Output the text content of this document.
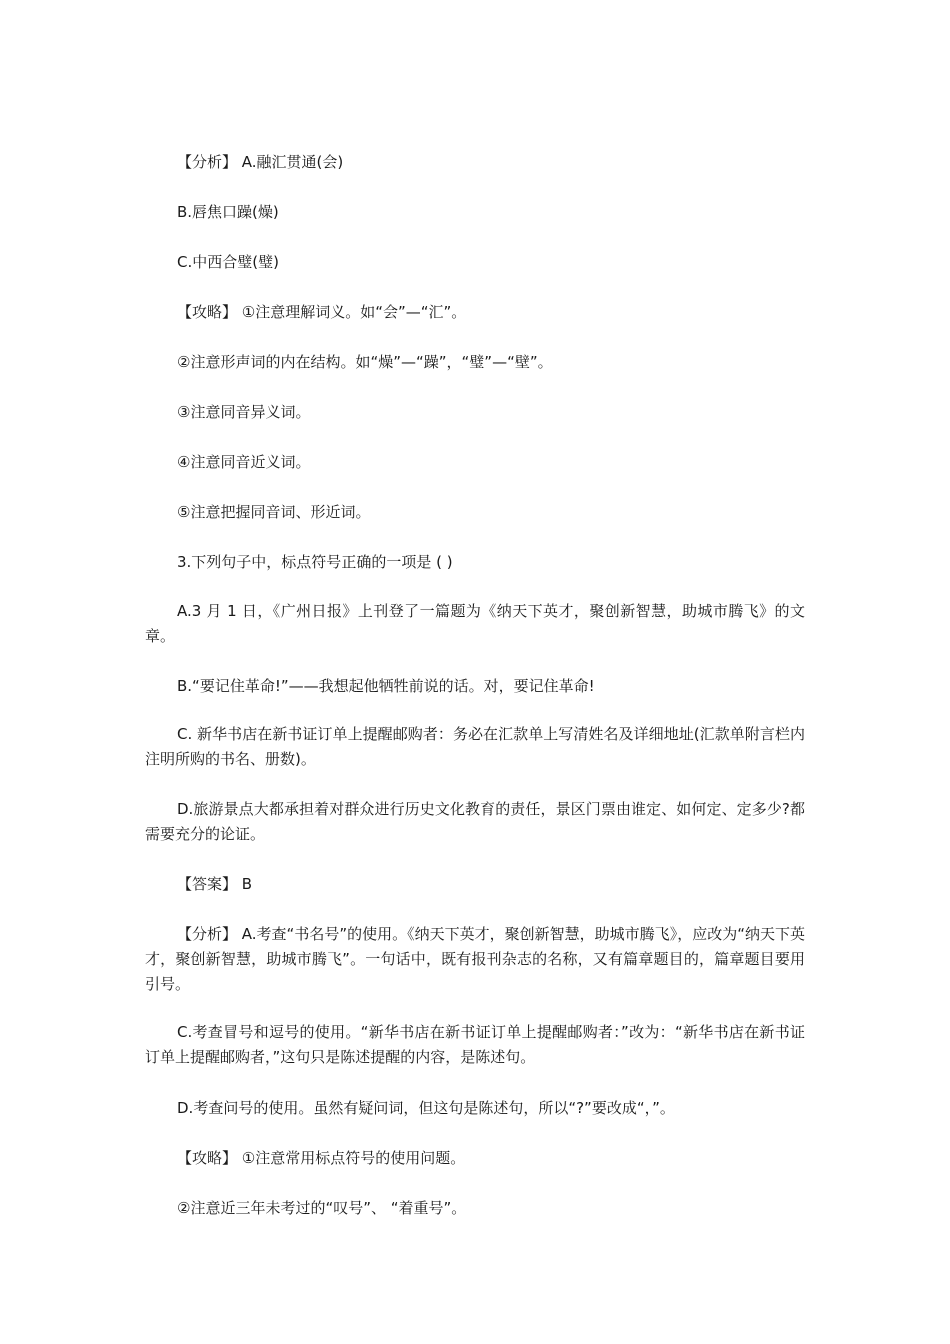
【分析】 A.融汇贯通(会)

B.唇焦口躁(燥)

C.中西合璧(璧)

【攻略】 ①注意理解词义。如“会”—“汇”。

②注意形声词的内在结构。如“燥”—“躁”，“璧”—“壁”。

③注意同音异义词。

④注意同音近义词。

⑤注意把握同音词、形近词。

3.下列句子中，标点符号正确的一项是 ( )

A.3 月 1 日，《广州日报》上刊登了一篇题为《纳天下英才，聚创新智慧，助城市腾飞》的文章。

B.“要记住革命!”——我想起他牺牲前说的话。对，要记住革命!

C. 新华书店在新书证订单上提醒邮购者：务必在汇款单上写清姓名及详细地址(汇款单附言栏内注明所购的书名、册数)。

D.旅游景点大都承担着对群众进行历史文化教育的责任，景区门票由谁定、如何定、定多少?都需要充分的论证。

【答案】 B

【分析】 A.考查“书名号”的使用。《纳天下英才，聚创新智慧，助城市腾飞》，应改为“纳天下英才，聚创新智慧，助城市腾飞”。一句话中，既有报刊杂志的名称，又有篇章题目的，篇章题目要用引号。

C.考查冒号和逗号的使用。“新华书店在新书证订单上提醒邮购者：”改为：“新华书店在新书证订单上提醒邮购者，”这句只是陈述提醒的内容，是陈述句。

D.考查问号的使用。虽然有疑问词，但这句是陈述句，所以“?”要改成“，”。

【攻略】 ①注意常用标点符号的使用问题。

②注意近三年未考过的“叹号”、 “着重号”。
